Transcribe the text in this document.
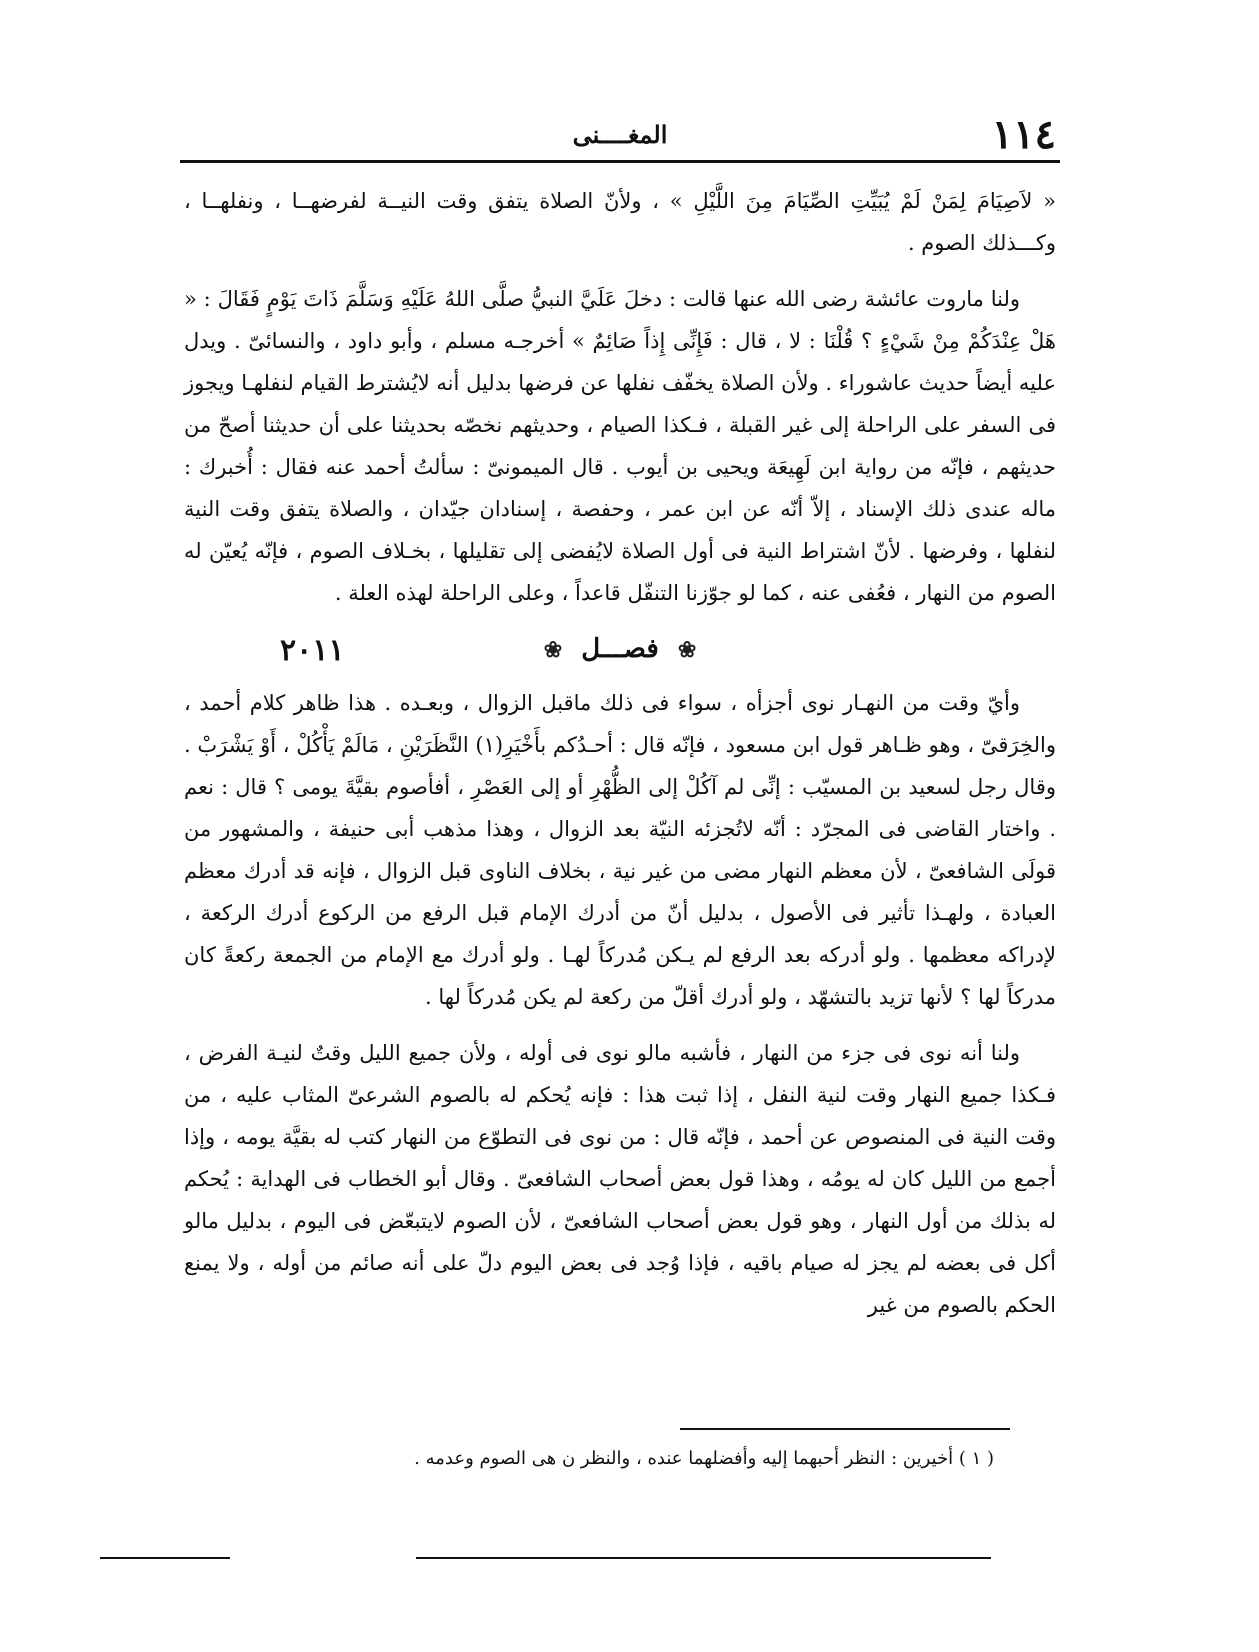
١١٤
المغــــنى

« لاَصِيَامَ لِمَنْ لَمْ يُبَيِّتِ الصِّيَامَ مِنَ اللَّيْلِ » ، ولأنّ الصلاة يتفق وقت النيــة لفرضهــا ، ونفلهــا ، وكـــذلك الصوم .

ولنا ماروت عائشة رضى الله عنها قالت : دخلَ عَلَيَّ النبيُّ صلَّى اللهُ عَلَيْهِ وَسَلَّمَ ذَاتَ يَوْمٍ فَقَالَ : « هَلْ عِنْدَكُمْ مِنْ شَيْءٍ ؟ قُلْنَا : لا ، قال : فَإِنِّى إِذاً صَائِمٌ » أخرجـه مسلم ، وأبو داود ، والنسائىّ . ويدل عليه أيضاً حديث عاشوراء . ولأن الصلاة يخفّف نفلها عن فرضها بدليل أنه لايُشترط القيام لنفلهـا ويجوز فى السفر على الراحلة إلى غير القبلة ، فـكذا الصيام ، وحديثهم نخصّه بحديثنا على أن حديثنا أصحّ من حديثهم ، فإنّه من رواية ابن لَهِيعَة ويحيى بن أيوب . قال الميمونىّ : سألتُ أحمد عنه فقال : أُخبرك : ماله عندى ذلك الإسناد ، إلاّ أنّه عن ابن عمر ، وحفصة ، إسنادان جيّدان ، والصلاة يتفق وقت النية لنفلها ، وفرضها . لأنّ اشتراط النية فى أول الصلاة لايُفضى إلى تقليلها ، بخـلاف الصوم ، فإنّه يُعيّن له الصوم من النهار ، فعُفى عنه ، كما لو جوّزنا التنفّل قاعداً ، وعلى الراحلة لهذه العلة .

❀ فصـــل ❀
٢٠١١

وأيّ وقت من النهـار نوى أجزأه ، سواء فى ذلك ماقبل الزوال ، وبعـده . هذا ظاهر كلام أحمد ، والخِرَقىّ ، وهو ظـاهر قول ابن مسعود ، فإنّه قال : أحـدُكم بأَخْيَرِ(١) النَّظَرَيْنِ ، مَالَمْ يَأْكُلْ ، أَوْ يَشْرَبْ . وقال رجل لسعيد بن المسيّب : إنِّى لم آكُلْ إلى الظُّهْرِ أو إلى العَصْرِ ، أفأصوم بقيَّةَ يومى ؟ قال : نعم . واختار القاضى فى المجرّد : أنّه لاتُجزئه النيّة بعد الزوال ، وهذا مذهب أبى حنيفة ، والمشهور من قولَى الشافعىّ ، لأن معظم النهار مضى من غير نية ، بخلاف الناوى قبل الزوال ، فإنه قد أدرك معظم العبادة ، ولهـذا تأثير فى الأصول ، بدليل أنّ من أدرك الإمام قبل الرفع من الركوع أدرك الركعة ، لإدراكه معظمها . ولو أدركه بعد الرفع لم يـكن مُدركاً لهـا . ولو أدرك مع الإمام من الجمعة ركعةً كان مدركاً لها ؟ لأنها تزيد بالتشهّد ، ولو أدرك أقلّ من ركعة لم يكن مُدركاً لها .

ولنا أنه نوى فى جزء من النهار ، فأشبه مالو نوى فى أوله ، ولأن جميع الليل وقتٌ لنيـة الفرض ، فـكذا جميع النهار وقت لنية النفل ، إذا ثبت هذا : فإنه يُحكم له بالصوم الشرعىّ المثاب عليه ، من وقت النية فى المنصوص عن أحمد ، فإنّه قال : من نوى فى التطوّع من النهار كتب له بقيَّة يومه ، وإذا أجمع من الليل كان له يومُه ، وهذا قول بعض أصحاب الشافعىّ . وقال أبو الخطاب فى الهداية : يُحكم له بذلك من أول النهار ، وهو قول بعض أصحاب الشافعىّ ، لأن الصوم لايتبعّض فى اليوم ، بدليل مالو أكل فى بعضه لم يجز له صيام باقيه ، فإذا وُجد فى بعض اليوم دلّ على أنه صائم من أوله ، ولا يمنع الحكم بالصوم من غير

( ١ ) أخيرين : النظر أحبهما إليه وأفضلهما عنده ، والنظر ن هى الصوم وعدمه .
